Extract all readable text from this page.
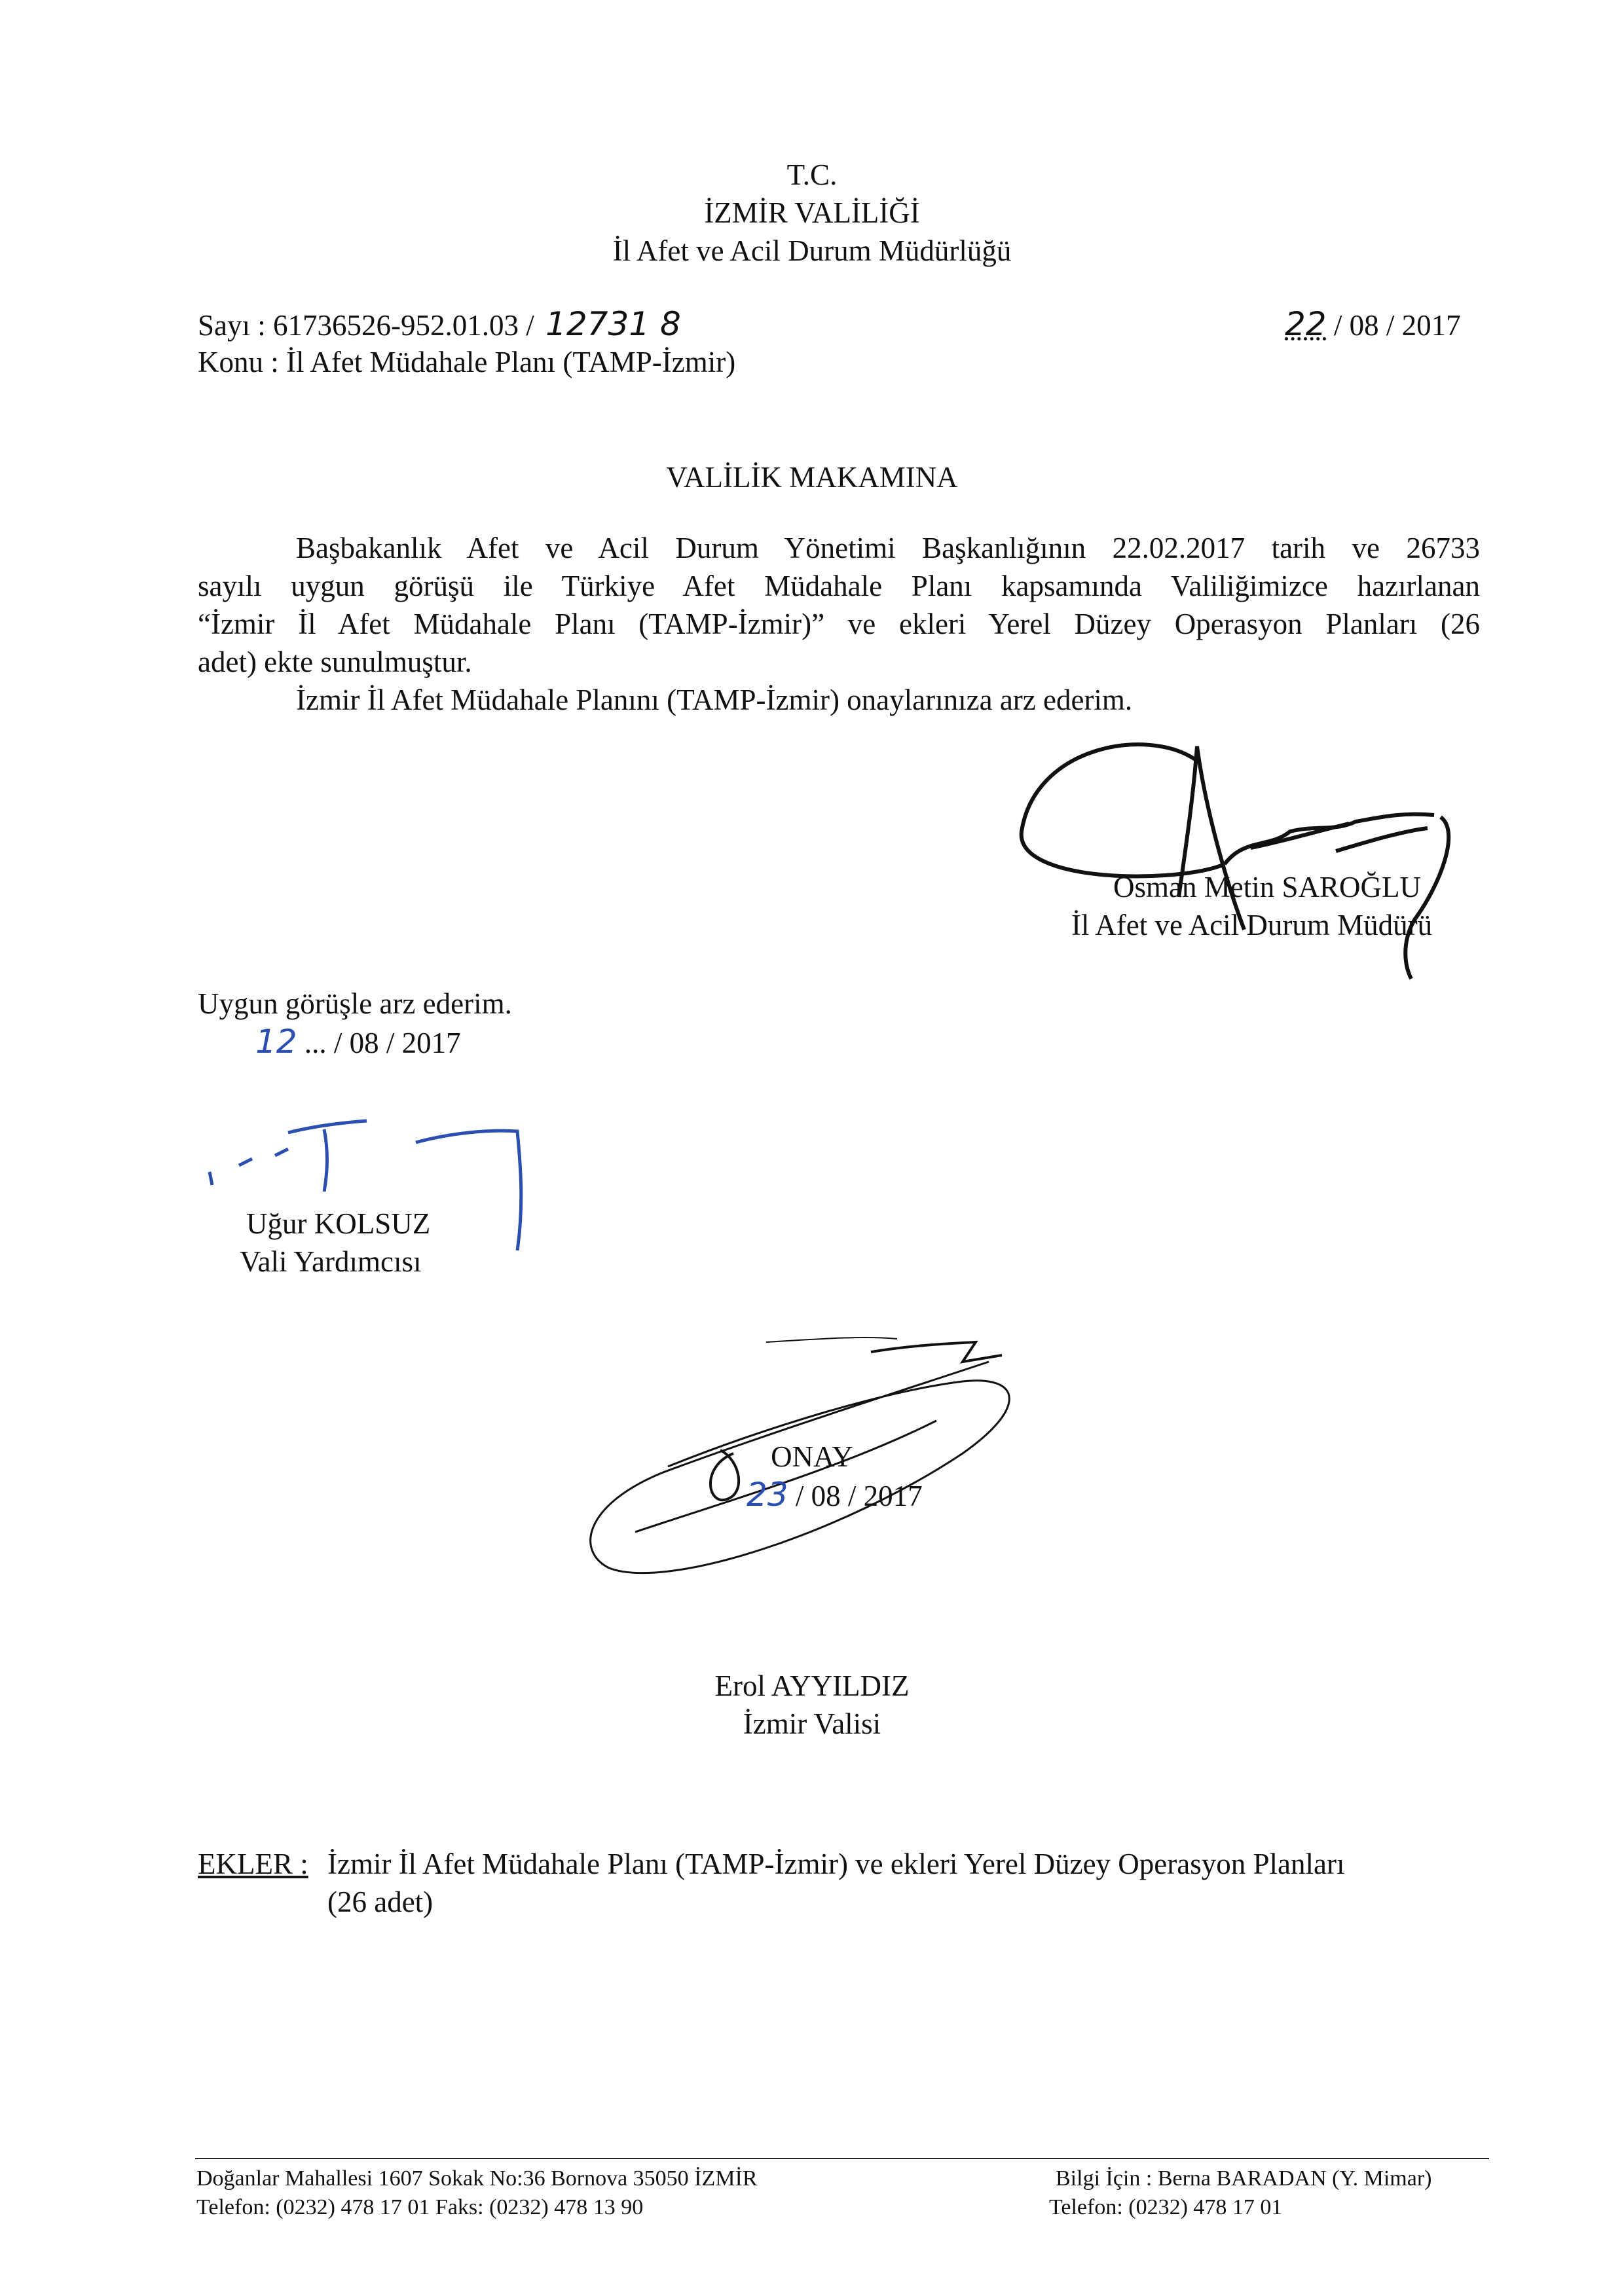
T.C.
İZMİR VALİLİĞİ
İl Afet ve Acil Durum Müdürlüğü
Sayı : 61736526-952.01.03 / 12731 8	22 / 08 / 2017
Konu : İl Afet Müdahale Planı (TAMP-İzmir)
VALİLİK MAKAMINA

Başbakanlık Afet ve Acil Durum Yönetimi Başkanlığının 22.02.2017 tarih ve 26733

sayılı uygun görüşü ile Türkiye Afet Müdahale Planı kapsamında Valiliğimizce hazırlanan

“İzmir İl Afet Müdahale Planı (TAMP-İzmir)” ve ekleri Yerel Düzey Operasyon Planları (26

adet) ekte sunulmuştur.

İzmir İl Afet Müdahale Planını (TAMP-İzmir) onaylarınıza arz ederim.

Osman Metin SAROĞLU
İl Afet ve Acil Durum Müdürü
Uygun görüşle arz ederim.
12 ... / 08 / 2017
Uğur KOLSUZ
Vali Yardımcısı
ONAY
23 / 08 / 2017
Erol AYYILDIZ
İzmir Valisi
EKLER : İzmir İl Afet Müdahale Planı (TAMP-İzmir) ve ekleri Yerel Düzey Operasyon Planları
(26 adet)
Doğanlar Mahallesi 1607 Sokak No:36 Bornova 35050 İZMİR
Telefon: (0232) 478 17 01 Faks: (0232) 478 13 90
Bilgi İçin : Berna BARADAN (Y. Mimar)
Telefon: (0232) 478 17 01
